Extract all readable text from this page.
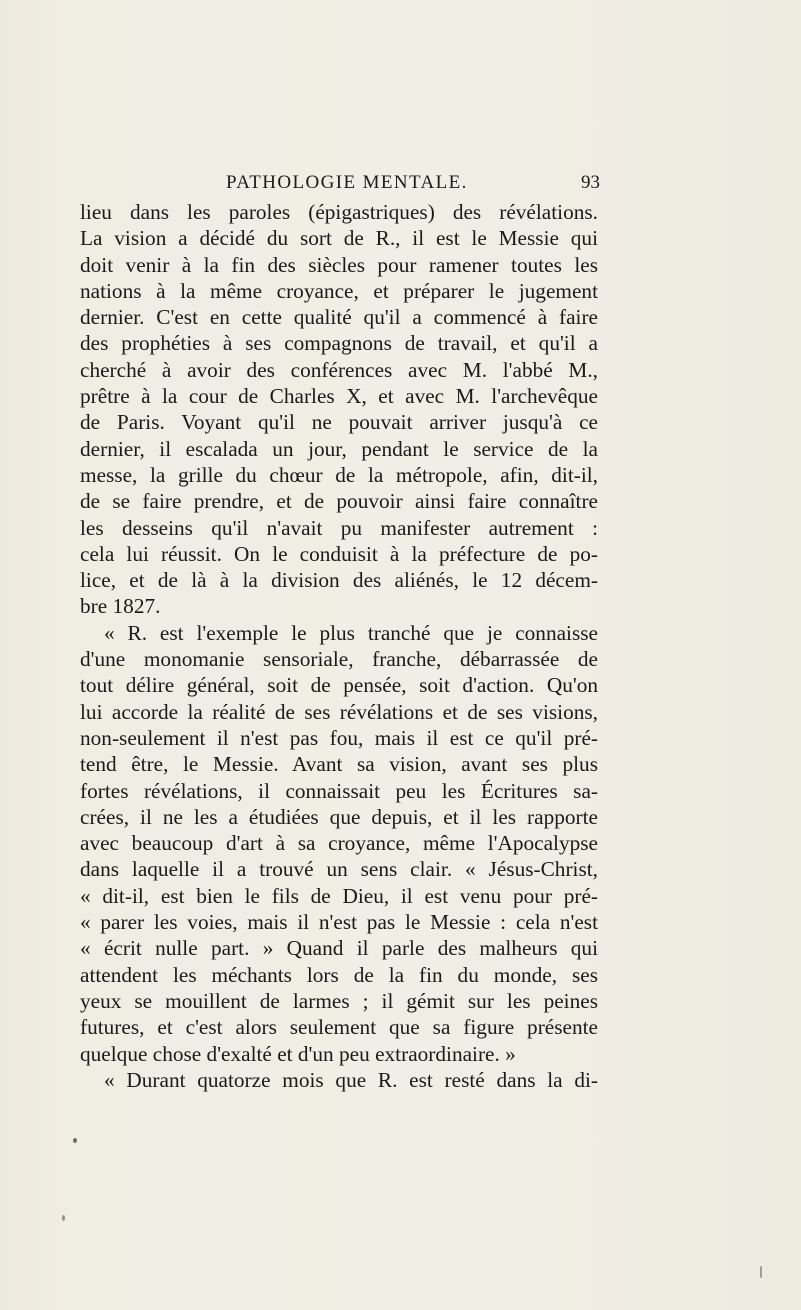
PATHOLOGIE MENTALE.	93
lieu dans les paroles (épigastriques) des révélations.
La vision a décidé du sort de R., il est le Messie qui
doit venir à la fin des siècles pour ramener toutes les
nations à la même croyance, et préparer le jugement
dernier. C'est en cette qualité qu'il a commencé à faire
des prophéties à ses compagnons de travail, et qu'il a
cherché à avoir des conférences avec M. l'abbé M.,
prêtre à la cour de Charles X, et avec M. l'archevêque
de Paris. Voyant qu'il ne pouvait arriver jusqu'à ce
dernier, il escalada un jour, pendant le service de la
messe, la grille du chœur de la métropole, afin, dit-il,
de se faire prendre, et de pouvoir ainsi faire connaître
les desseins qu'il n'avait pu manifester autrement :
cela lui réussit. On le conduisit à la préfecture de po-
lice, et de là à la division des aliénés, le 12 décem-
bre 1827.
« R. est l'exemple le plus tranché que je connaisse
d'une monomanie sensoriale, franche, débarrassée de
tout délire général, soit de pensée, soit d'action. Qu'on
lui accorde la réalité de ses révélations et de ses visions,
non-seulement il n'est pas fou, mais il est ce qu'il pré-
tend être, le Messie. Avant sa vision, avant ses plus
fortes révélations, il connaissait peu les Écritures sa-
crées, il ne les a étudiées que depuis, et il les rapporte
avec beaucoup d'art à sa croyance, même l'Apocalypse
dans laquelle il a trouvé un sens clair. « Jésus-Christ,
« dit-il, est bien le fils de Dieu, il est venu pour pré-
« parer les voies, mais il n'est pas le Messie : cela n'est
« écrit nulle part. » Quand il parle des malheurs qui
attendent les méchants lors de la fin du monde, ses
yeux se mouillent de larmes ; il gémit sur les peines
futures, et c'est alors seulement que sa figure présente
quelque chose d'exalté et d'un peu extraordinaire. »
« Durant quatorze mois que R. est resté dans la di-
